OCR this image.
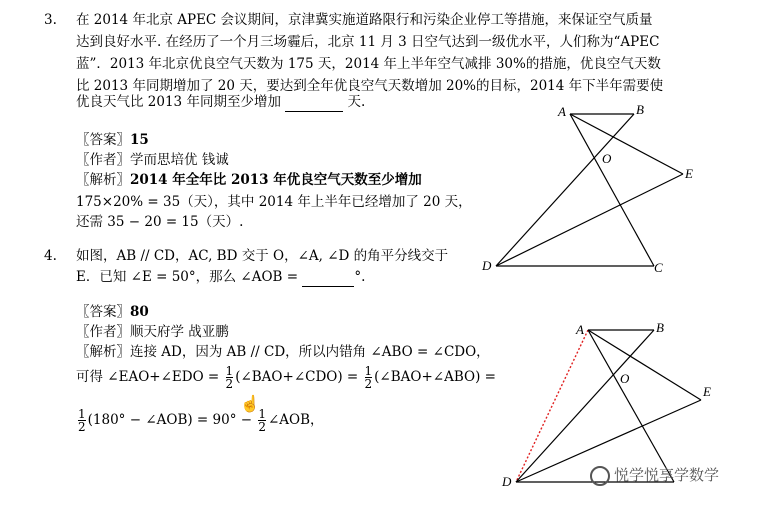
3. 在 2014 年北京 APEC 会议期间，京津冀实施道路限行和污染企业停工等措施，来保证空气质量
达到良好水平. 在经历了一个月三场霾后，北京 11 月 3 日空气达到一级优水平，人们称为“APEC
蓝”．2013 年北京优良空气天数为 175 天，2014 年上半年空气减排 30%的措施，优良空气天数
比 2013 年同期增加了 20 天，要达到全年优良空气天数增加 20%的目标，2014 年下半年需要使
优良天气比 2013 年同期至少增加	天.
〖答案〗15
〖作者〗学而思培优 钱诚
〖解析〗2014 年全年比 2013 年优良空气天数至少增加
175×20% = 35（天），其中 2014 年上半年已经增加了 20 天，
还需 35 − 20 = 15（天）.
A	B
O
E
D	C
4. 如图，AB // CD，AC, BD 交于 O，∠A, ∠D 的角平分线交于
E．已知 ∠E = 50°，那么 ∠AOB =	°.
〖答案〗80
〖作者〗顺天府学 战亚鹏
〖解析〗连接 AD，因为 AB // CD，所以内错角 ∠ABO = ∠CDO，
可得 ∠EAO+∠EDO = $\frac{1}{2}$ (∠BAO+∠CDO) = $\frac{1}{2}$ (∠BAO+∠ABO) =
$\frac{1}{2} (180^\circ$ − ∠AOB) = $90^\circ - \frac{1}{2}$ ∠AOB，
A	B
O
E
D	悦学悦享学数学
☝
